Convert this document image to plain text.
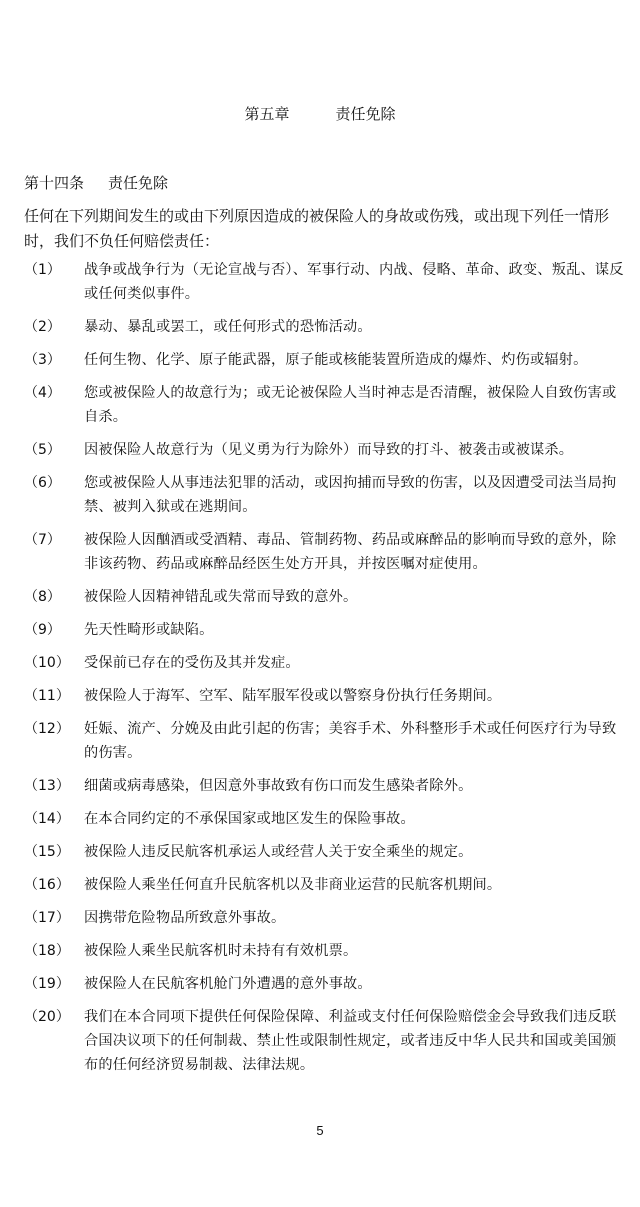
第五章	责任免除
第十四条 责任免除

任何在下列期间发生的或由下列原因造成的被保险人的身故或伤残，或出现下列任一情形时，我们不负任何赔偿责任：

（1）	战争或战争行为（无论宣战与否）、军事行动、内战、侵略、革命、政变、叛乱、谋反或任何类似事件。
（2）	暴动、暴乱或罢工，或任何形式的恐怖活动。
（3）	任何生物、化学、原子能武器，原子能或核能装置所造成的爆炸、灼伤或辐射。
（4）	您或被保险人的故意行为；或无论被保险人当时神志是否清醒，被保险人自致伤害或自杀。
（5）	因被保险人故意行为（见义勇为行为除外）而导致的打斗、被袭击或被谋杀。
（6）	您或被保险人从事违法犯罪的活动，或因拘捕而导致的伤害，以及因遭受司法当局拘禁、被判入狱或在逃期间。
（7）	被保险人因酗酒或受酒精、毒品、管制药物、药品或麻醉品的影响而导致的意外，除非该药物、药品或麻醉品经医生处方开具，并按医嘱对症使用。
（8）	被保险人因精神错乱或失常而导致的意外。
（9）	先天性畸形或缺陷。
（10） 受保前已存在的受伤及其并发症。
（11） 被保险人于海军、空军、陆军服军役或以警察身份执行任务期间。
（12） 妊娠、流产、分娩及由此引起的伤害；美容手术、外科整形手术或任何医疗行为导致的伤害。
（13） 细菌或病毒感染，但因意外事故致有伤口而发生感染者除外。
（14） 在本合同约定的不承保国家或地区发生的保险事故。
（15） 被保险人违反民航客机承运人或经营人关于安全乘坐的规定。
（16） 被保险人乘坐任何直升民航客机以及非商业运营的民航客机期间。
（17） 因携带危险物品所致意外事故。
（18） 被保险人乘坐民航客机时未持有有效机票。
（19） 被保险人在民航客机舱门外遭遇的意外事故。
（20） 我们在本合同项下提供任何保险保障、利益或支付任何保险赔偿金会导致我们违反联合国决议项下的任何制裁、禁止性或限制性规定，或者违反中华人民共和国或美国颁布的任何经济贸易制裁、法律法规。
5
